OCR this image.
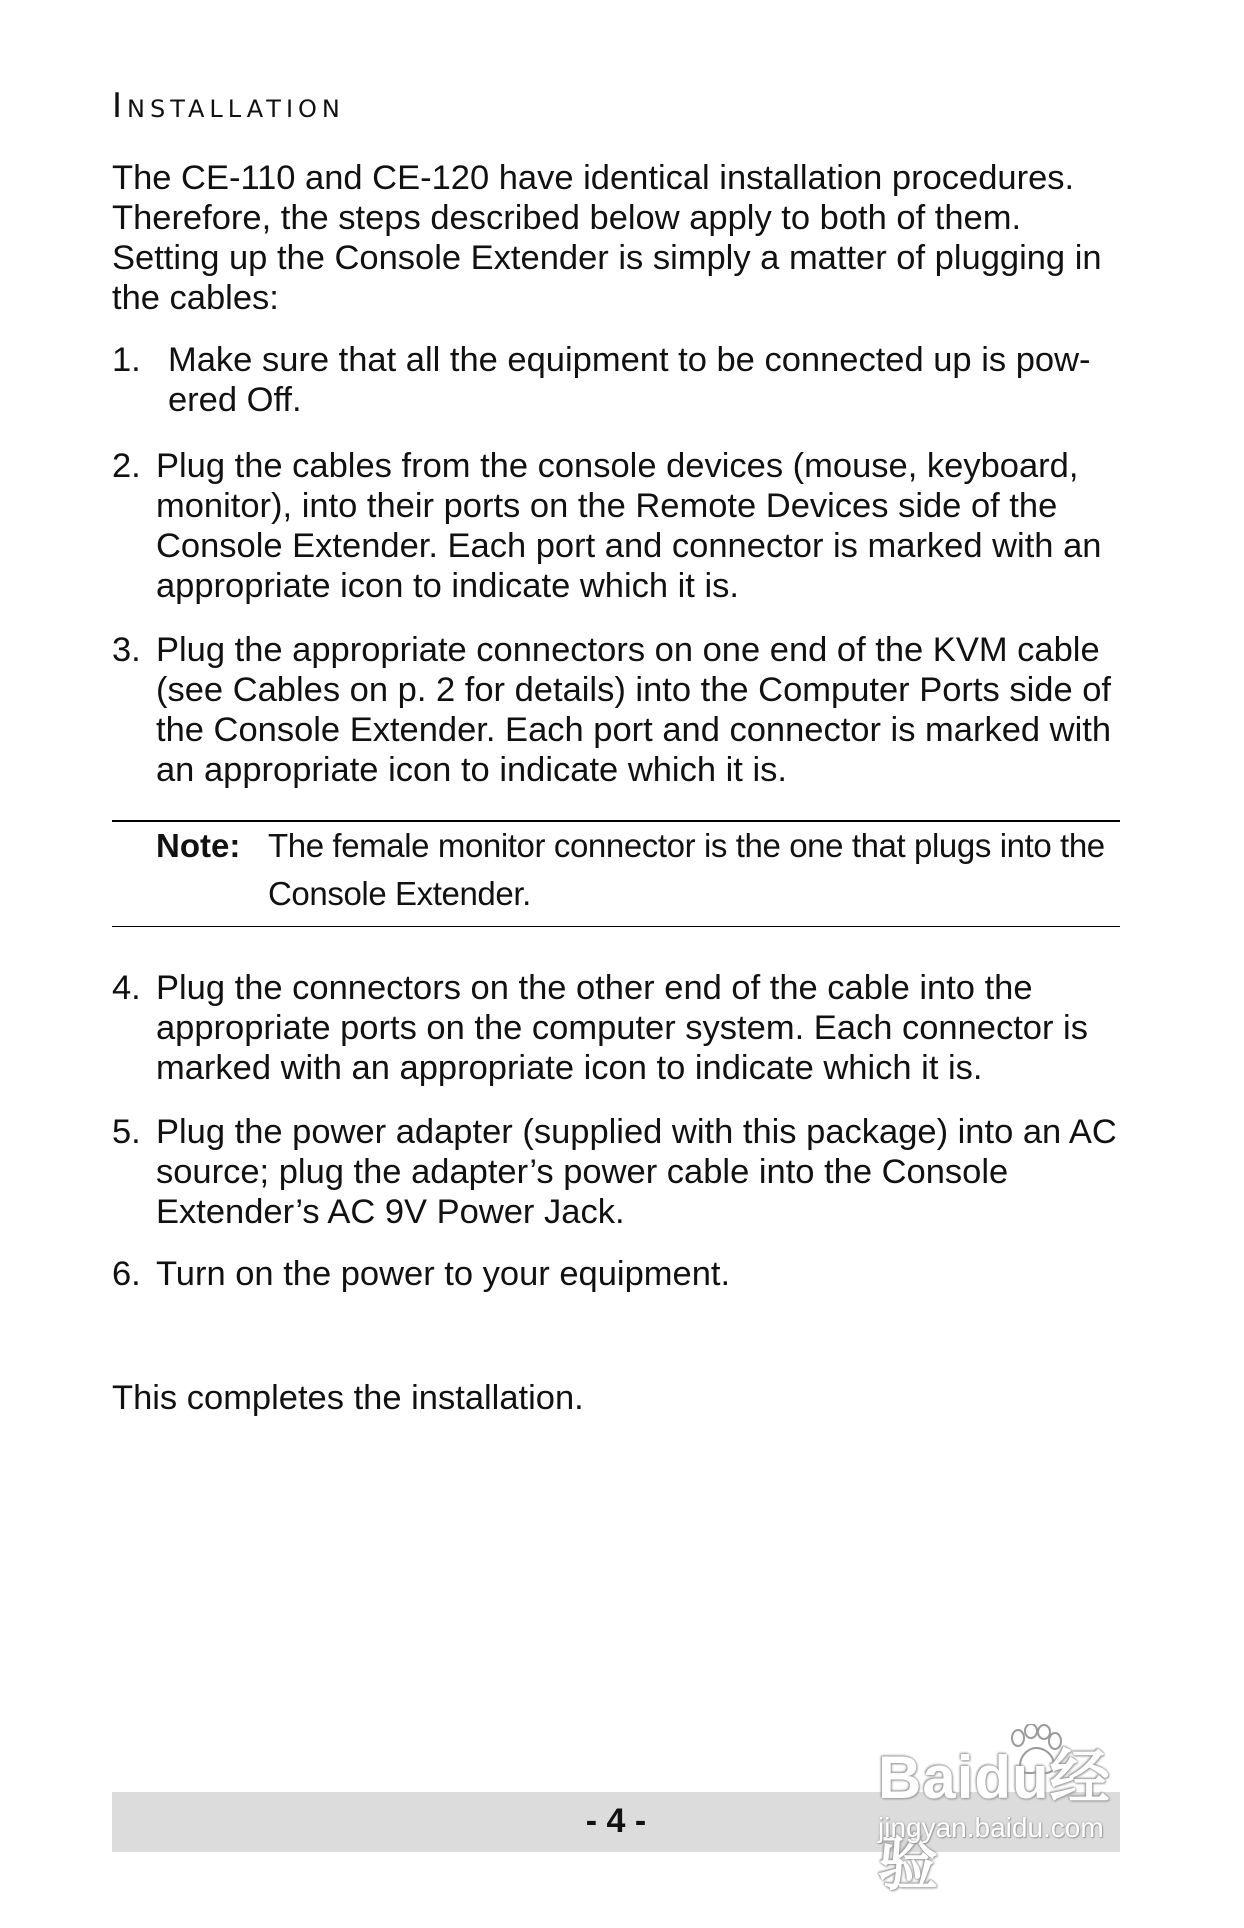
Installation

The CE-110 and CE-120 have identical installation procedures. Therefore, the steps described below apply to both of them. Setting up the Console Extender is simply a matter of plugging in the cables:

1. Make sure that all the equipment to be connected up is pow-ered Off.
2. Plug the cables from the console devices (mouse, keyboard, monitor), into their ports on the Remote Devices side of the Console Extender. Each port and connector is marked with an appropriate icon to indicate which it is.
3. Plug the appropriate connectors on one end of the KVM cable (see Cables on p. 2 for details) into the Computer Ports side of the Console Extender. Each port and connector is marked with an appropriate icon to indicate which it is.
Note: The female monitor connector is the one that plugs into the Console Extender.
4. Plug the connectors on the other end of the cable into the appropriate ports on the computer system. Each connector is marked with an appropriate icon to indicate which it is.
5. Plug the power adapter (supplied with this package) into an AC source; plug the adapter’s power cable into the Console Extender’s AC 9V Power Jack.
6. Turn on the power to your equipment.

This completes the installation.

- 4 -
Baidu经验
jingyan.baidu.com
